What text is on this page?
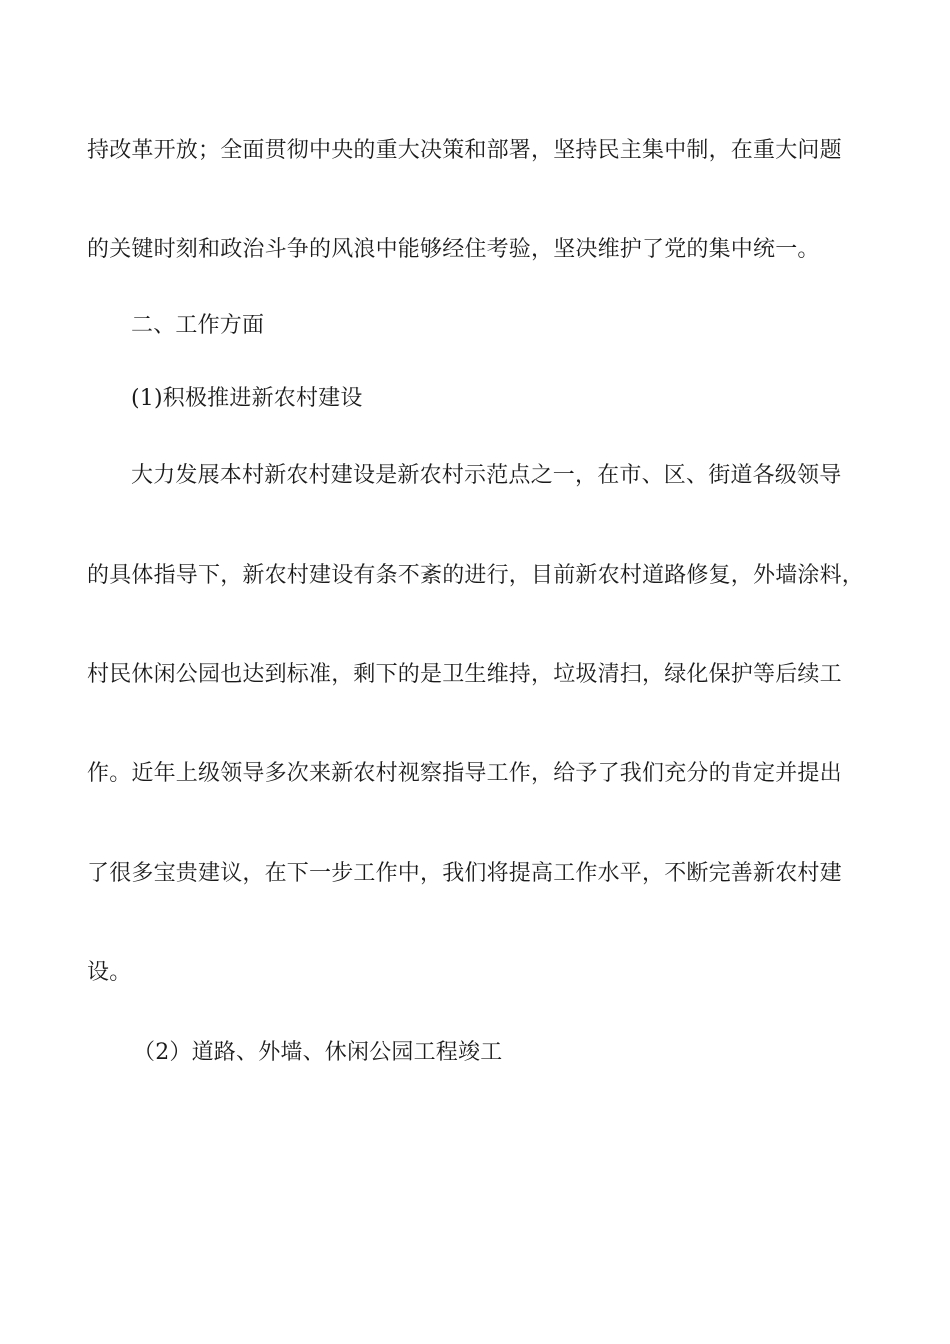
持改革开放；全面贯彻中央的重大决策和部署，坚持民主集中制，在重大问题
的关键时刻和政治斗争的风浪中能够经住考验，坚决维护了党的集中统一。
二、工作方面
(1)积极推进新农村建设
大力发展本村新农村建设是新农村示范点之一，在市、区、街道各级领导
的具体指导下，新农村建设有条不紊的进行，目前新农村道路修复，外墙涂料，
村民休闲公园也达到标准，剩下的是卫生维持，垃圾清扫，绿化保护等后续工
作。近年上级领导多次来新农村视察指导工作，给予了我们充分的肯定并提出
了很多宝贵建议，在下一步工作中，我们将提高工作水平，不断完善新农村建
设。
（2）道路、外墙、休闲公园工程竣工
